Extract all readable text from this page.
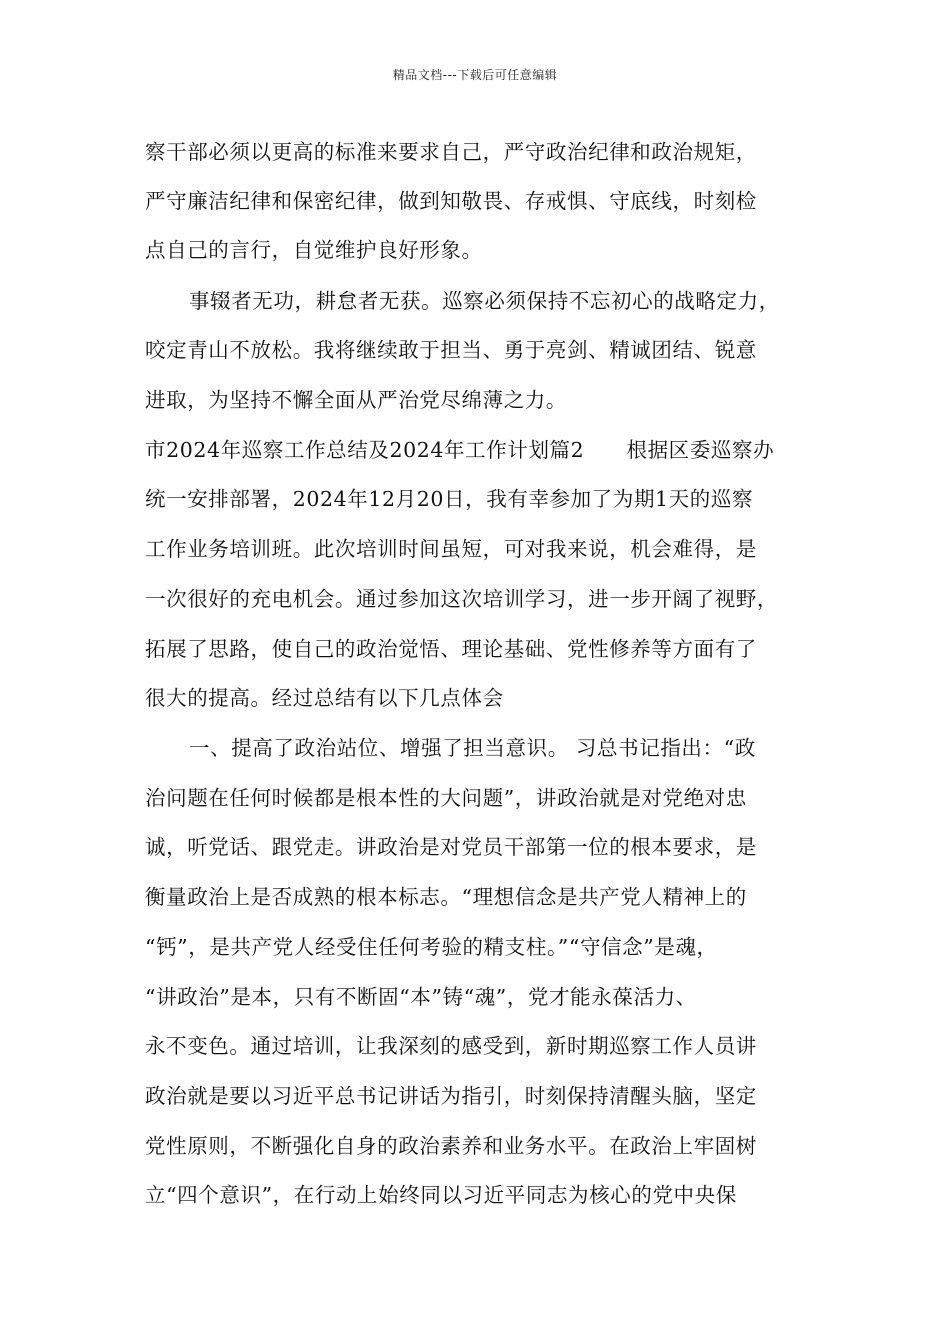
精品文档---下载后可任意编辑
察干部必须以更高的标准来要求自己，严守政治纪律和政治规矩，
严守廉洁纪律和保密纪律，做到知敬畏、存戒惧、守底线，时刻检
点自己的言行，自觉维护良好形象。
事辍者无功，耕怠者无获。巡察必须保持不忘初心的战略定力，
咬定青山不放松。我将继续敢于担当、勇于亮剑、精诚团结、锐意
进取，为坚持不懈全面从严治党尽绵薄之力。
市2024年巡察工作总结及2024年工作计划篇2　　根据区委巡察办
统一安排部署，2024年12月20日，我有幸参加了为期1天的巡察
工作业务培训班。此次培训时间虽短，可对我来说，机会难得，是
一次很好的充电机会。通过参加这次培训学习，进一步开阔了视野，
拓展了思路，使自己的政治觉悟、理论基础、党性修养等方面有了
很大的提高。经过总结有以下几点体会
一、提高了政治站位、增强了担当意识。 习总书记指出：“政
治问题在任何时候都是根本性的大问题”，讲政治就是对党绝对忠
诚，听党话、跟党走。讲政治是对党员干部第一位的根本要求，是
衡量政治上是否成熟的根本标志。“理想信念是共产党人精神上的
“钙”，是共产党人经受住任何考验的精支柱。”“守信念”是魂，
“讲政治”是本，只有不断固“本”铸“魂”，党才能永葆活力、
永不变色。通过培训，让我深刻的感受到，新时期巡察工作人员讲
政治就是要以习近平总书记讲话为指引，时刻保持清醒头脑，坚定
党性原则，不断强化自身的政治素养和业务水平。在政治上牢固树
立“四个意识”，在行动上始终同以习近平同志为核心的党中央保
